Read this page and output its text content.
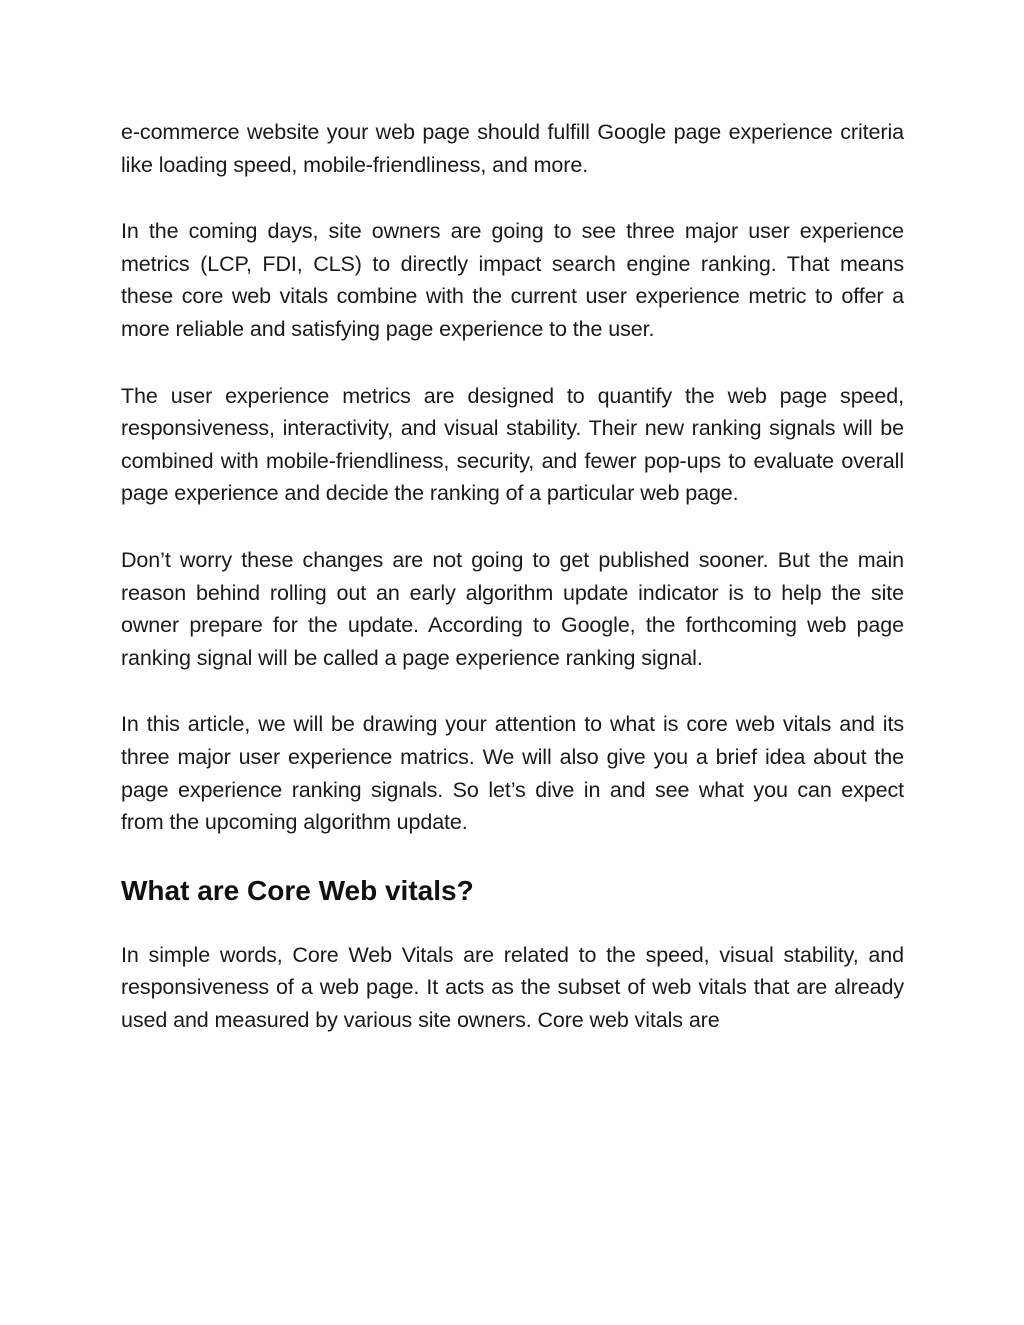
e-commerce website your web page should fulfill Google page experience criteria like loading speed, mobile-friendliness, and more.

In the coming days, site owners are going to see three major user experience metrics (LCP, FDI, CLS) to directly impact search engine ranking. That means these core web vitals combine with the current user experience metric to offer a more reliable and satisfying page experience to the user.

The user experience metrics are designed to quantify the web page speed, responsiveness, interactivity, and visual stability. Their new ranking signals will be combined with mobile-friendliness, security, and fewer pop-ups to evaluate overall page experience and decide the ranking of a particular web page.

Don’t worry these changes are not going to get published sooner. But the main reason behind rolling out an early algorithm update indicator is to help the site owner prepare for the update. According to Google, the forthcoming web page ranking signal will be called a page experience ranking signal.

In this article, we will be drawing your attention to what is core web vitals and its three major user experience matrics. We will also give you a brief idea about the page experience ranking signals. So let’s dive in and see what you can expect from the upcoming algorithm update.

What are Core Web vitals?

In simple words, Core Web Vitals are related to the speed, visual stability, and responsiveness of a web page. It acts as the subset of web vitals that are already used and measured by various site owners. Core web vitals are
